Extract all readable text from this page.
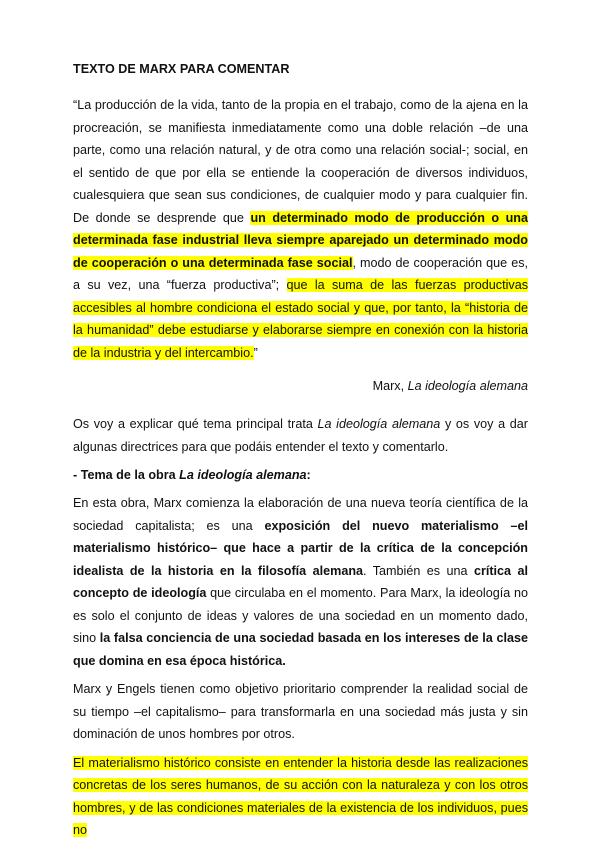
TEXTO DE MARX PARA COMENTAR

“La producción de la vida, tanto de la propia en el trabajo, como de la ajena en la procreación, se manifiesta inmediatamente como una doble relación –de una parte, como una relación natural, y de otra como una relación social-; social, en el sentido de que por ella se entiende la cooperación de diversos individuos, cualesquiera que sean sus condiciones, de cualquier modo y para cualquier fin. De donde se desprende que un determinado modo de producción o una determinada fase industrial lleva siempre aparejado un determinado modo de cooperación o una determinada fase social, modo de cooperación que es, a su vez, una “fuerza productiva”; que la suma de las fuerzas productivas accesibles al hombre condiciona el estado social y que, por tanto, la “historia de la humanidad” debe estudiarse y elaborarse siempre en conexión con la historia de la industria y del intercambio.”

Marx, La ideología alemana

Os voy a explicar qué tema principal trata La ideología alemana y os voy a dar algunas directrices para que podáis entender el texto y comentarlo.

- Tema de la obra La ideología alemana:

En esta obra, Marx comienza la elaboración de una nueva teoría científica de la sociedad capitalista; es una exposición del nuevo materialismo –el materialismo histórico– que hace a partir de la crítica de la concepción idealista de la historia en la filosofía alemana. También es una crítica al concepto de ideología que circulaba en el momento. Para Marx, la ideología no es solo el conjunto de ideas y valores de una sociedad en un momento dado, sino la falsa conciencia de una sociedad basada en los intereses de la clase que domina en esa época histórica.

Marx y Engels tienen como objetivo prioritario comprender la realidad social de su tiempo –el capitalismo– para transformarla en una sociedad más justa y sin dominación de unos hombres por otros.

El materialismo histórico consiste en entender la historia desde las realizaciones concretas de los seres humanos, de su acción con la naturaleza y con los otros hombres, y de las condiciones materiales de la existencia de los individuos, pues no
